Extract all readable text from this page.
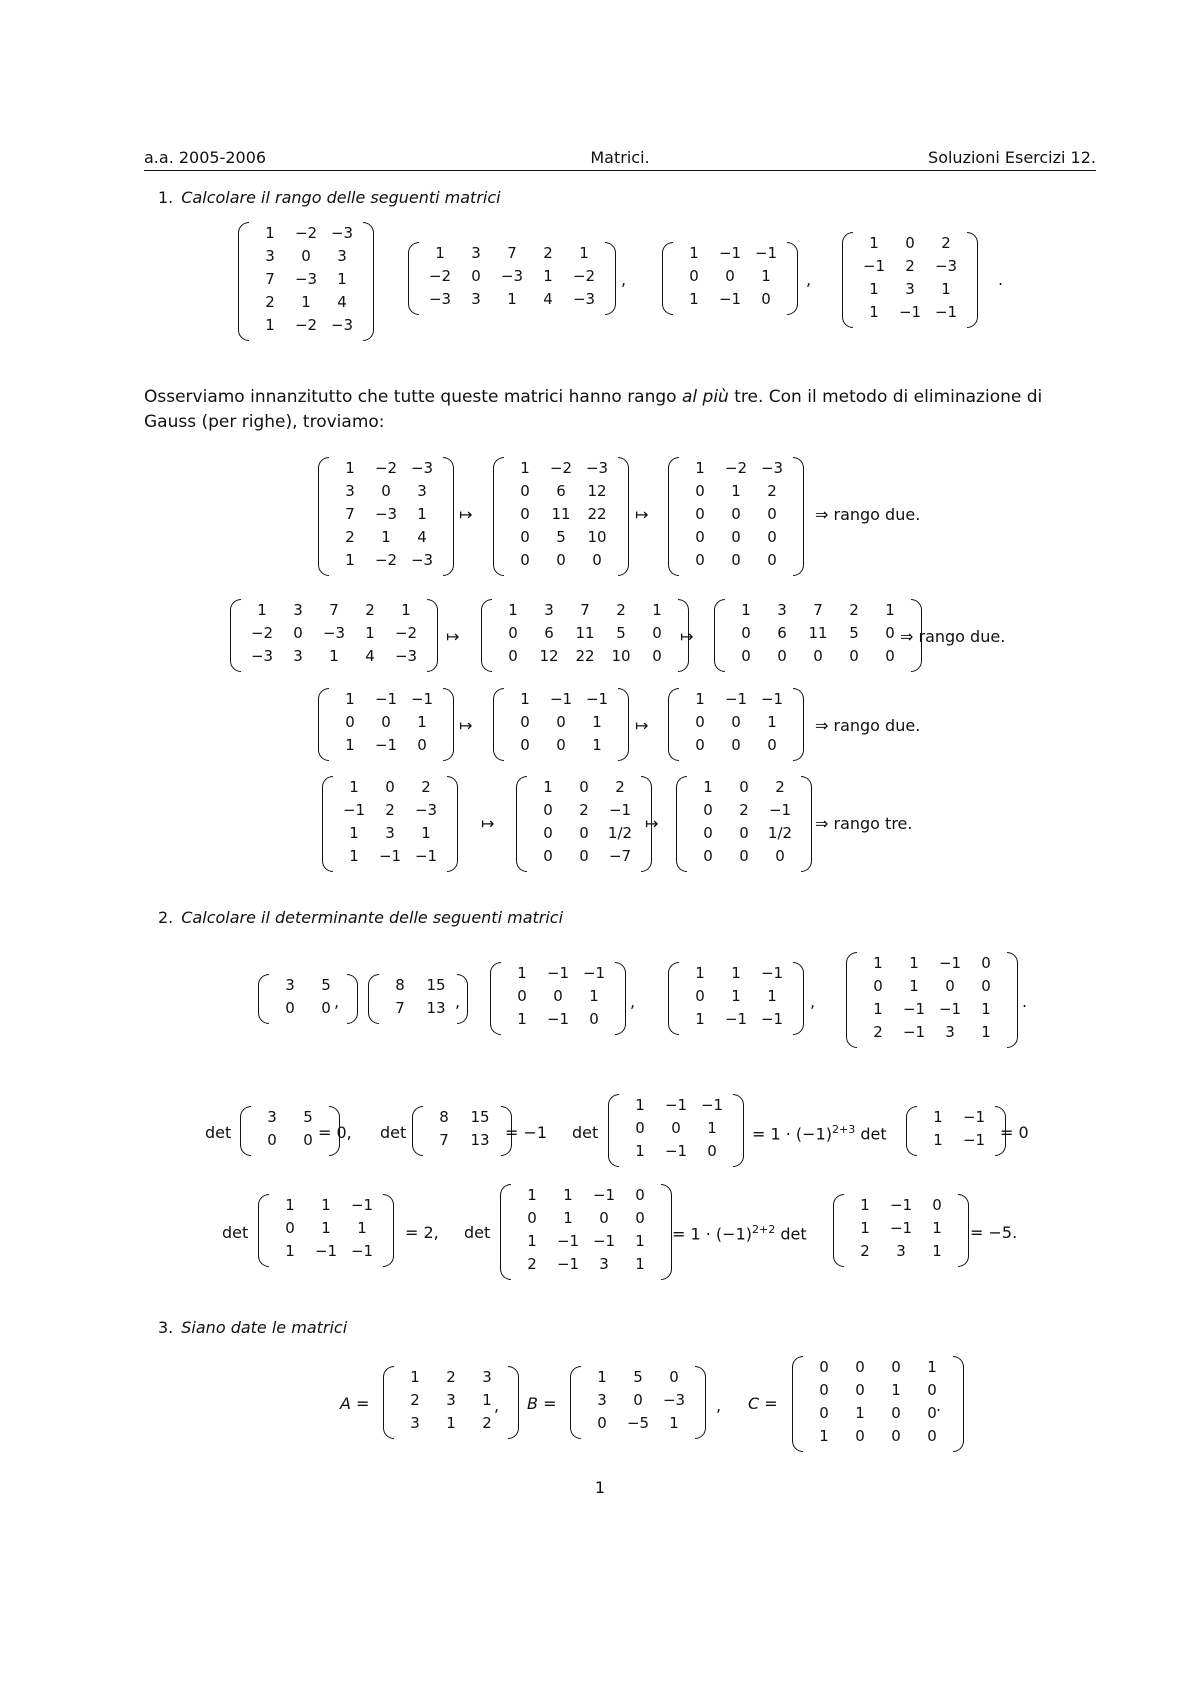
a.a. 2005-2006	Matrici.	Soluzioni Esercizi 12.
1. Calcolare il rango delle seguenti matrici
1	−2 −3
3	0	3
7	−3	1
2	1	4
1	−2 −3
1	3	7	2	1
−2	0	−3	1	−2
−3	3	1	4	−3
,
1	−1 −1
0	0	1
1	−1	0
,
1	0	2
−1	2	−3
1	3	1
1	−1 −1
.
Osserviamo innanzitutto che tutte queste matrici hanno rango al più tre. Con il metodo di eliminazione di Gauss (per righe), troviamo:
1	−2 −3
3	0	3
7	−3	1
2	1	4
1	−2 −3
↦
1	−2 −3
0	6	12
0	11	22
0	5	10
0	0	0
↦
1	−2 −3
0	1	2
0	0	0
0	0	0
0	0	0
⇒ rango due.
1	3	7	2	1
−2	0	−3	1	−2
−3	3	1	4	−3
↦
1	3	7	2	1
0	6	11	5	0
0	12	22	10	0
↦
1	3	7	2	1
0	6	11	5	0
0	0	0	0	0
⇒ rango due.
1	−1 −1
0	0	1
1	−1	0
↦
1	−1 −1
0	0	1
0	0	1
↦
1	−1 −1
0	0	1
0	0	0
⇒ rango due.
1	0	2
−1	2	−3
1	3	1
1	−1 −1
↦
1	0	2
0	2	−1
0	0	1/2
0	0	−7
↦
1	0	2
0	2	−1
0	0	1/2
0	0	0
⇒ rango tre.
2. Calcolare il determinante delle seguenti matrici
3	5
0	0 ,
8	15
7	13 ,
1	−1 −1
0	0	1
1	−1	0
,
1	1	−1
0	1	1
1	−1 −1
,
1	1	−1	0
0	1	0	0
1	−1 −1	1
2	−1	3	1
.
det
3	5
0	0 = 0, det
8	15
7	13 = −1 det
1	−1 −1
0	0	1
1	−1	0
= $1 \cdot (-1)^{2+3}$ det
1	−1
1	−1 = 0
det
1	1	−1
0	1	1
1	−1 −1
= 2, det
1	1	−1	0
0	1	0	0
1	−1 −1	1
2	−1	3	1
= $1 \cdot (-1)^{2+2}$ det
1	−1	0
1	−1	1
2	3	1
= −5.
3. Siano date le matrici
A =
1	2	3
2	3	1
3	1	2
, B =
1	5	0
3	0	−3
0	−5	1
, C =
0	0	0	1
0	0	1	0
0	1	0	0
1	0	0	0
.
1
